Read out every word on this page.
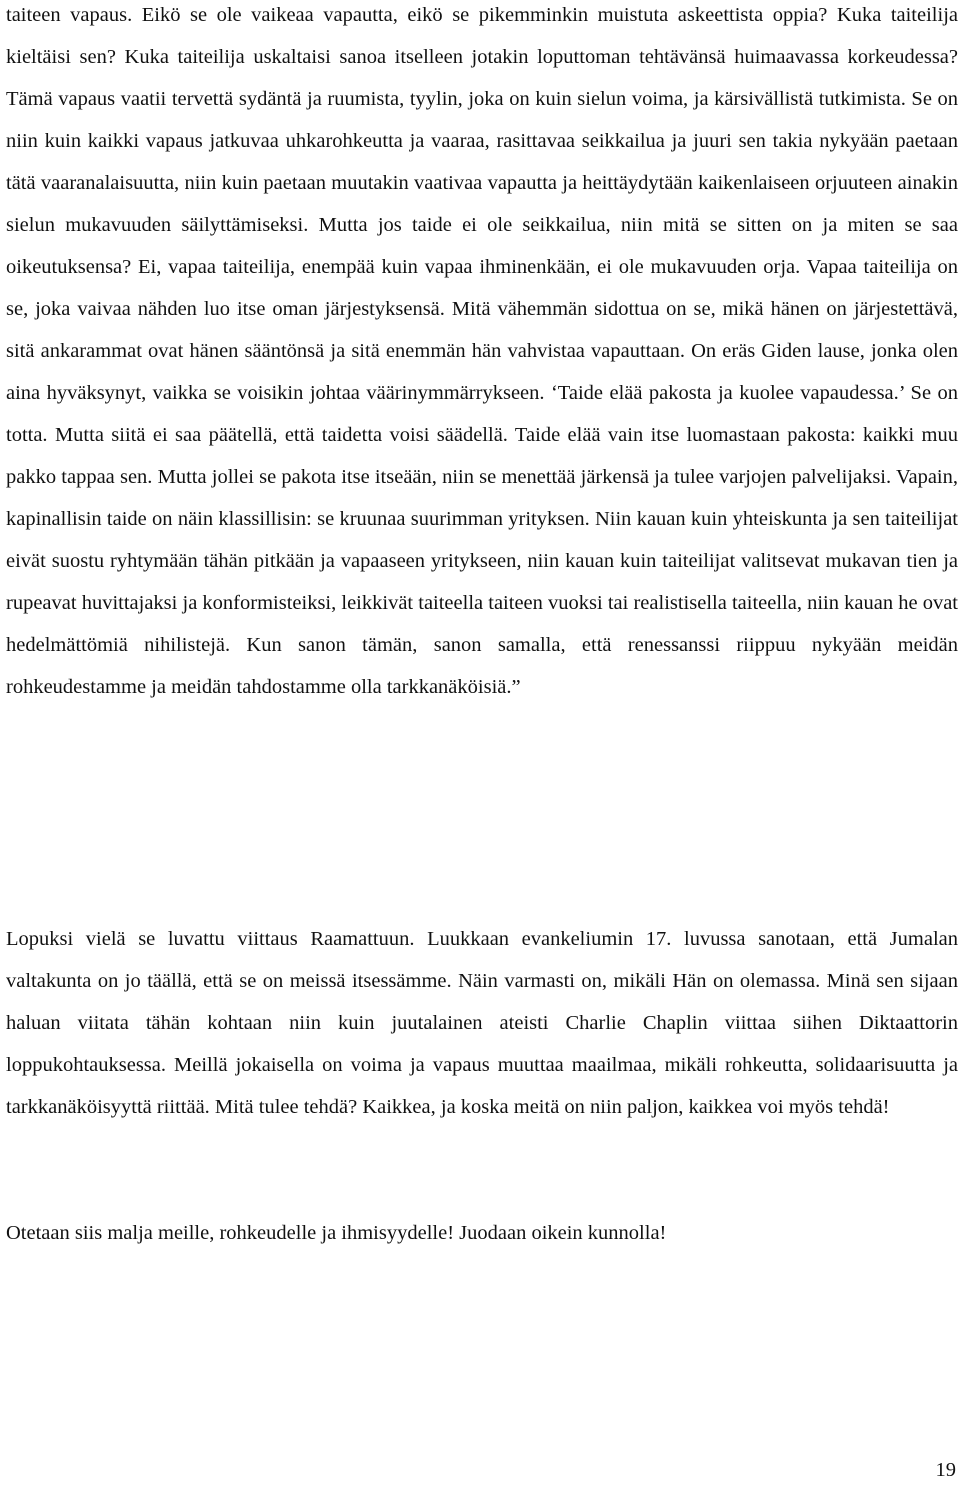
taiteen vapaus. Eikö se ole vaikeaa vapautta, eikö se pikemminkin muistuta askeettista oppia? Kuka taiteilija kieltäisi sen? Kuka taiteilija uskaltaisi sanoa itselleen jotakin loputtoman tehtävänsä huimaavassa korkeudessa? Tämä vapaus vaatii tervettä sydäntä ja ruumista, tyylin, joka on kuin sielun voima, ja kärsivällistä tutkimista. Se on niin kuin kaikki vapaus jatkuvaa uhkarohkeutta ja vaaraa, rasittavaa seikkailua ja juuri sen takia nykyään paetaan tätä vaaranalaisuutta, niin kuin paetaan muutakin vaativaa vapautta ja heittäydytään kaikenlaiseen orjuuteen ainakin sielun mukavuuden säilyttämiseksi. Mutta jos taide ei ole seikkailua, niin mitä se sitten on ja miten se saa oikeutuksensa? Ei, vapaa taiteilija, enempää kuin vapaa ihminenkään, ei ole mukavuuden orja. Vapaa taiteilija on se, joka vaivaa nähden luo itse oman järjestyksensä. Mitä vähemmän sidottua on se, mikä hänen on järjestettävä, sitä ankarammat ovat hänen sääntönsä ja sitä enemmän hän vahvistaa vapauttaan. On eräs Giden lause, jonka olen aina hyväksynyt, vaikka se voisikin johtaa väärinymmärrykseen. ‘Taide elää pakosta ja kuolee vapaudessa.’ Se on totta. Mutta siitä ei saa päätellä, että taidetta voisi säädellä. Taide elää vain itse luomastaan pakosta: kaikki muu pakko tappaa sen. Mutta jollei se pakota itse itseään, niin se menettää järkensä ja tulee varjojen palvelijaksi. Vapain, kapinallisin taide on näin klassillisin: se kruunaa suurimman yrityksen. Niin kauan kuin yhteiskunta ja sen taiteilijat eivät suostu ryhtymään tähän pitkään ja vapaaseen yritykseen, niin kauan kuin taiteilijat valitsevat mukavan tien ja rupeavat huvittajaksi ja konformisteiksi, leikkivät taiteella taiteen vuoksi tai realistisella taiteella, niin kauan he ovat hedelmättömiä nihilistejä. Kun sanon tämän, sanon samalla, että renessanssi riippuu nykyään meidän rohkeudestamme ja meidän tahdostamme olla tarkkanäköisiä.”

Lopuksi vielä se luvattu viittaus Raamattuun. Luukkaan evankeliumin 17. luvussa sanotaan, että Jumalan valtakunta on jo täällä, että se on meissä itsessämme. Näin varmasti on, mikäli Hän on olemassa. Minä sen sijaan haluan viitata tähän kohtaan niin kuin juutalainen ateisti Charlie Chaplin viittaa siihen Diktaattorin loppukohtauksessa. Meillä jokaisella on voima ja vapaus muuttaa maailmaa, mikäli rohkeutta, solidaarisuutta ja tarkkanäköisyyttä riittää. Mitä tulee tehdä? Kaikkea, ja koska meitä on niin paljon, kaikkea voi myös tehdä!

Otetaan siis malja meille, rohkeudelle ja ihmisyydelle! Juodaan oikein kunnolla!

19
